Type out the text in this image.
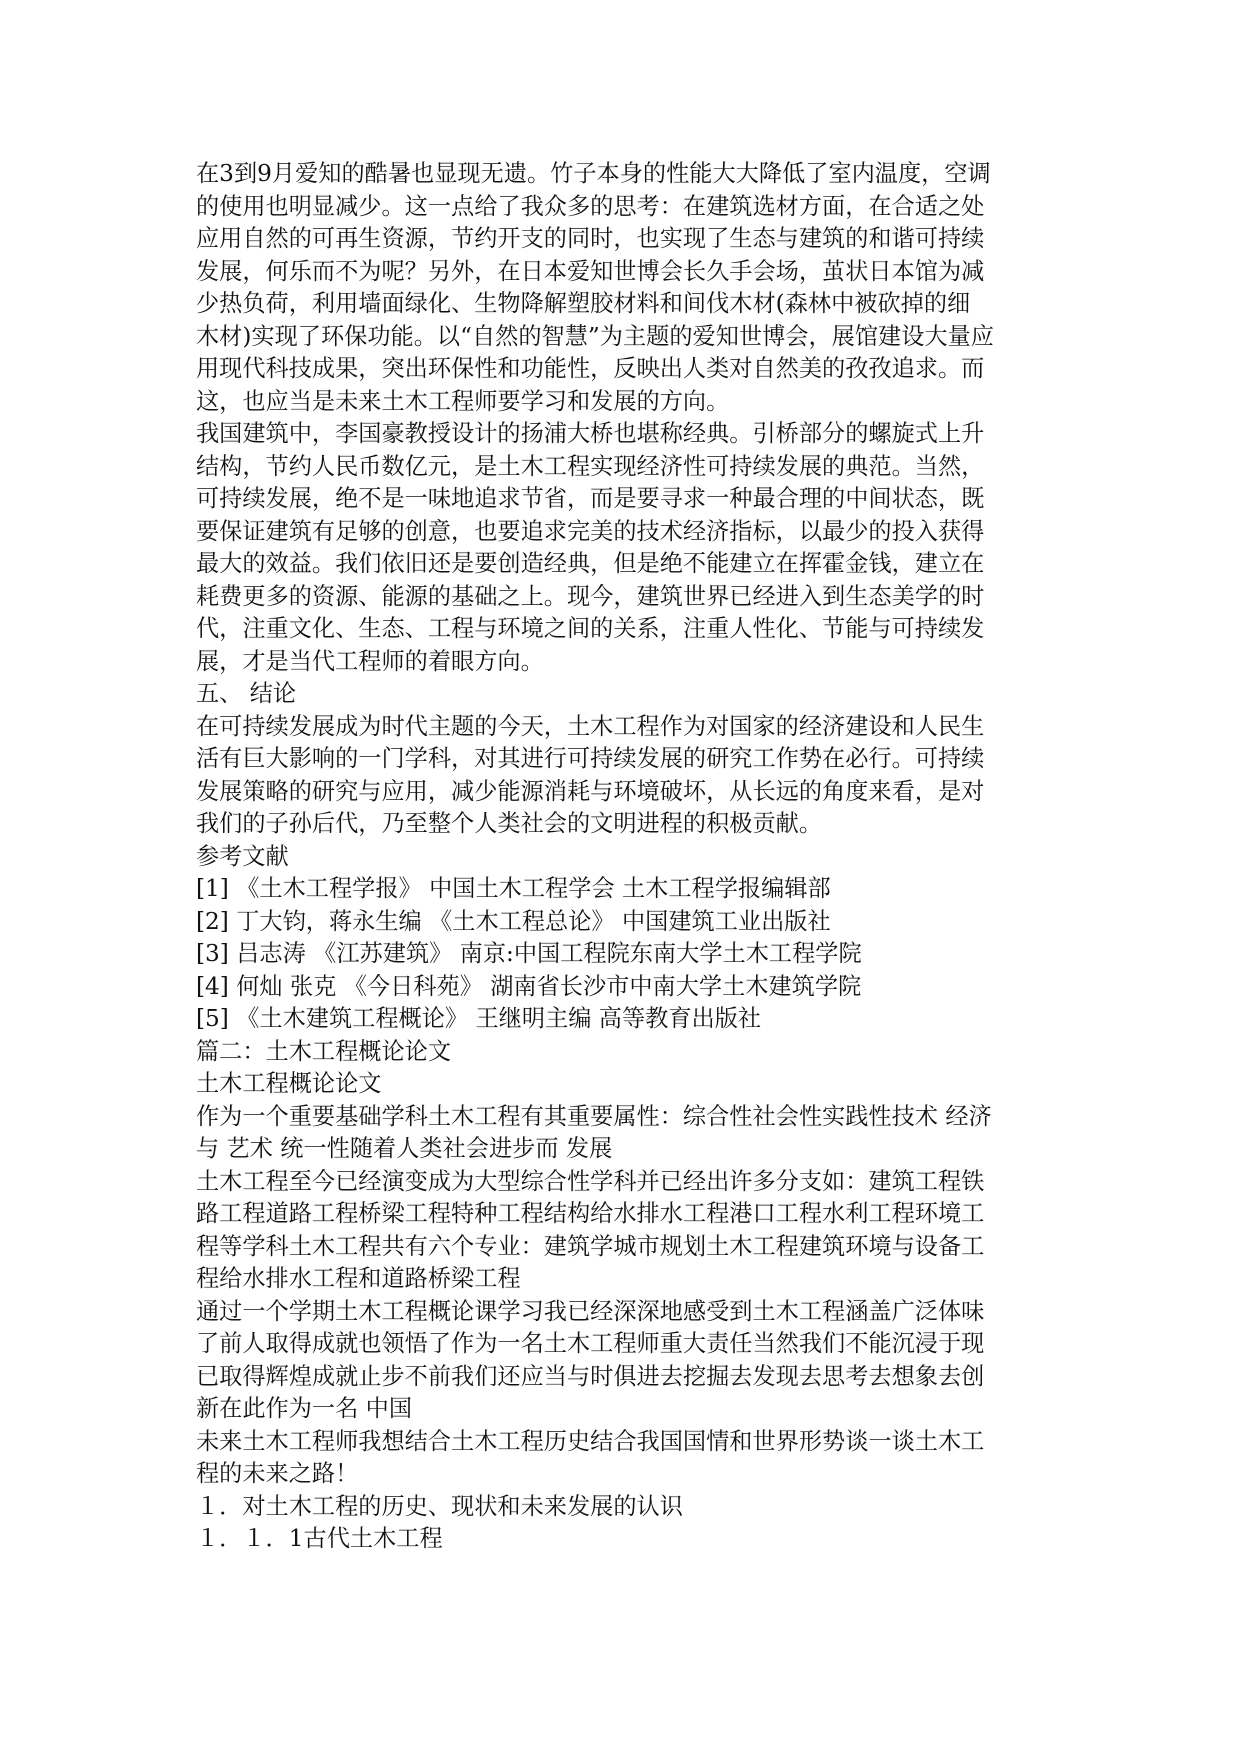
在3到9月爱知的酷暑也显现无遗。竹子本身的性能大大降低了室内温度，空调
的使用也明显减少。这一点给了我众多的思考：在建筑选材方面，在合适之处
应用自然的可再生资源，节约开支的同时，也实现了生态与建筑的和谐可持续
发展，何乐而不为呢？另外，在日本爱知世博会长久手会场，茧状日本馆为减
少热负荷，利用墙面绿化、生物降解塑胶材料和间伐木材(森林中被砍掉的细
木材)实现了环保功能。以“自然的智慧”为主题的爱知世博会，展馆建设大量应
用现代科技成果，突出环保性和功能性，反映出人类对自然美的孜孜追求。而
这，也应当是未来土木工程师要学习和发展的方向。
我国建筑中，李国豪教授设计的扬浦大桥也堪称经典。引桥部分的螺旋式上升
结构，节约人民币数亿元，是土木工程实现经济性可持续发展的典范。当然，
可持续发展，绝不是一味地追求节省，而是要寻求一种最合理的中间状态，既
要保证建筑有足够的创意，也要追求完美的技术经济指标，以最少的投入获得
最大的效益。我们依旧还是要创造经典，但是绝不能建立在挥霍金钱，建立在
耗费更多的资源、能源的基础之上。现今，建筑世界已经进入到生态美学的时
代，注重文化、生态、工程与环境之间的关系，注重人性化、节能与可持续发
展，才是当代工程师的着眼方向。
五、 结论
在可持续发展成为时代主题的今天，土木工程作为对国家的经济建设和人民生
活有巨大影响的一门学科，对其进行可持续发展的研究工作势在必行。可持续
发展策略的研究与应用，减少能源消耗与环境破坏，从长远的角度来看，是对
我们的子孙后代，乃至整个人类社会的文明进程的积极贡献。
参考文献
[1] 《土木工程学报》 中国土木工程学会 土木工程学报编辑部
[2] 丁大钧，蒋永生编 《土木工程总论》 中国建筑工业出版社
[3] 吕志涛 《江苏建筑》 南京:中国工程院东南大学土木工程学院
[4] 何灿 张克 《今日科苑》 湖南省长沙市中南大学土木建筑学院
[5] 《土木建筑工程概论》 王继明主编 高等教育出版社
篇二：土木工程概论论文
土木工程概论论文
作为一个重要基础学科土木工程有其重要属性：综合性社会性实践性技术 经济
与 艺术 统一性随着人类社会进步而 发展
土木工程至今已经演变成为大型综合性学科并已经出许多分支如：建筑工程铁
路工程道路工程桥梁工程特种工程结构给水排水工程港口工程水利工程环境工
程等学科土木工程共有六个专业：建筑学城市规划土木工程建筑环境与设备工
程给水排水工程和道路桥梁工程
通过一个学期土木工程概论课学习我已经深深地感受到土木工程涵盖广泛体味
了前人取得成就也领悟了作为一名土木工程师重大责任当然我们不能沉浸于现
已取得辉煌成就止步不前我们还应当与时俱进去挖掘去发现去思考去想象去创
新在此作为一名 中国
未来土木工程师我想结合土木工程历史结合我国国情和世界形势谈一谈土木工
程的未来之路！
１．对土木工程的历史、现状和未来发展的认识
１．１．1古代土木工程
